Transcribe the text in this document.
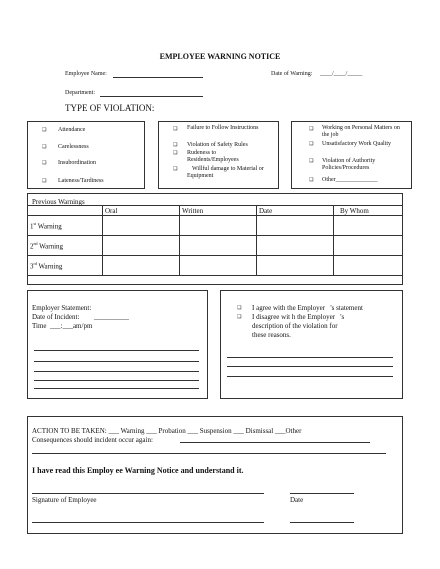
EMPLOYEE WARNING NOTICE
Employee Name:	Date of Warning: ____/____/_____
Department:
TYPE OF VIOLATION:
❑ Attendance
❑ Carelessness
❑ Insubordination
❑ Lateness/Tardiness
❑ Failure to Follow Instructions
❑ Violation of Safety Rules
❑ Rudeness to Residents/Employees
❑	Willful damage to Material or Equipment
❑ Working on Personal Matters on the job
❑ Unsatisfactory Work Quality
❑ Violation of Authority Policies/Procedures
❑ Other______________
Previous Warnings
	Oral	Written	Date	By Whom
1st Warning				
2nd Warning				
3rd Warning				
Employer Statement:
Date of Incident: __________
Time ___:___am/pm
❑ I agree with the Employer   's statement
❑ I disagree wit h the Employer   's
description of the violation for
these reasons.
ACTION TO BE TAKEN: ___ Warning ___ Probation ___ Suspension ___ Dismissal ___Other
Consequences should incident occur again:
I have read this Employ ee Warning Notice and understand it.
Signature of Employee	Date
